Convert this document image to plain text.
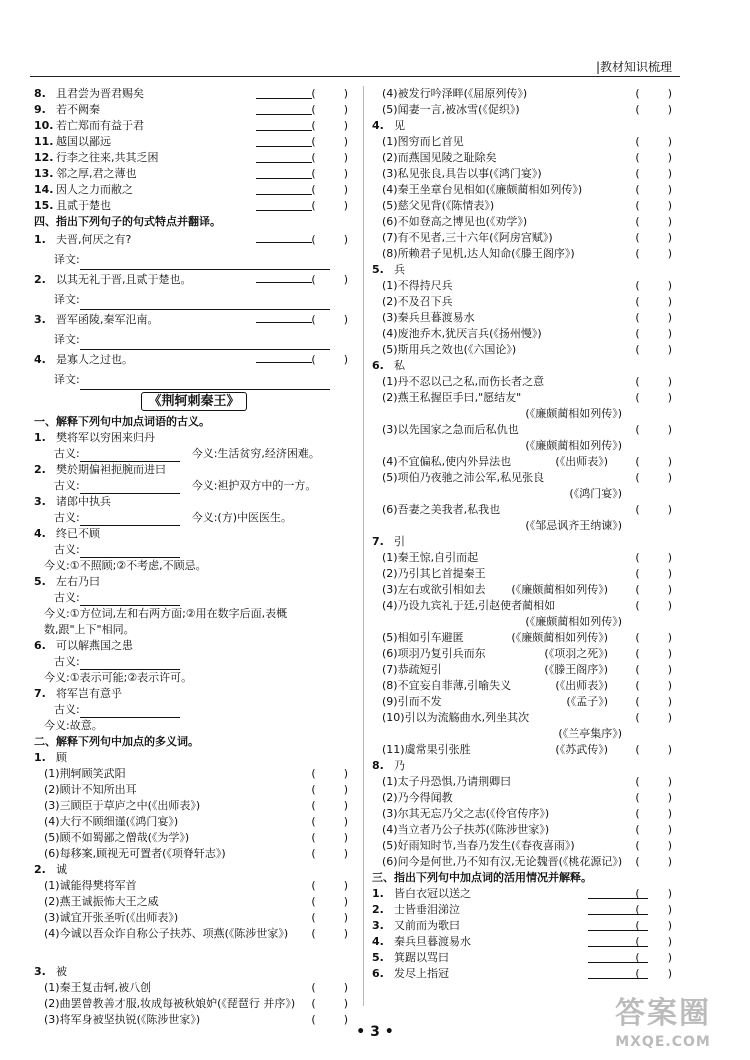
|教材知识梳理
8. 且君尝为晋君赐矣	(　　)
9. 若不阙秦	(　　)
10. 若亡郑而有益于君	(　　)
11. 越国以鄙远	(　　)
12. 行李之往来,共其乏困	(　　)
13. 邻之厚,君之薄也	(　　)
14. 因人之力而敝之	(　　)
15. 且贰于楚也	(　　)
四、指出下列句子的句式特点并翻译。
1. 夫晋,何厌之有?	(　　)
译文:
2. 以其无礼于晋,且贰于楚也。	(　　)
译文:
3. 晋军函陵,秦军氾南。	(　　)
译文:
4. 是寡人之过也。	(　　)
译文:
《荆轲刺秦王》
一、解释下列句中加点词语的古义。
1. 樊将军以穷困来归丹
古义:	今义:生活贫穷,经济困难。
2. 樊於期偏袒扼腕而进曰
古义:	今义:袒护双方中的一方。
3. 诸郎中执兵
古义:	今义:(方)中医医生。
4. 终已不顾
古义:
今义:①不照顾;②不考虑,不顾忌。
5. 左右乃曰
古义:
今义:①方位词,左和右两方面;②用在数字后面,表概
数,跟"上下"相同。
6. 可以解燕国之患
古义:
今义:①表示可能;②表示许可。
7. 将军岂有意乎
古义:
今义:故意。
二、解释下列句中加点的多义词。
1. 顾
(1)荆轲顾笑武阳	(　　)
(2)顾计不知所出耳	(　　)
(3)三顾臣于草庐之中(《出师表》)	(　　)
(4)大行不顾细谨(《鸿门宴》)	(　　)
(5)顾不如蜀鄙之僧哉(《为学》)	(　　)
(6)每移案,顾视无可置者(《项脊轩志》)	(　　)
2. 诚
(1)诚能得樊将军首	(　　)
(2)燕王诚振怖大王之威	(　　)
(3)诚宜开张圣听(《出师表》)	(　　)
(4)今诚以吾众诈自称公子扶苏、项燕(《陈涉世家》) (　　)
3. 被
(1)秦王复击轲,被八创	(　　)
(2)曲罢曾教善才服,妆成每被秋娘妒(《琵琶行 并序》) (　　)
(3)将军身被坚执锐(《陈涉世家》)	(　　)
(4)被发行吟泽畔(《屈原列传》)	(　　)
(5)闻妻一言,被冰雪(《促织》)	(　　)
4. 见
(1)图穷而匕首见	(　　)
(2)而燕国见陵之耻除矣	(　　)
(3)私见张良,具告以事(《鸿门宴》)	(　　)
(4)秦王坐章台见相如(《廉颇蔺相如列传》)	(　　)
(5)慈父见背(《陈情表》)	(　　)
(6)不如登高之博见也(《劝学》)	(　　)
(7)有不见者,三十六年(《阿房宫赋》)	(　　)
(8)所赖君子见机,达人知命(《滕王阁序》)	(　　)
5. 兵
(1)不得持尺兵	(　　)
(2)不及召下兵	(　　)
(3)秦兵旦暮渡易水	(　　)
(4)废池乔木,犹厌言兵(《扬州慢》)	(　　)
(5)斯用兵之效也(《六国论》)	(　　)
6. 私
(1)丹不忍以己之私,而伤长者之意	(　　)
(2)燕王私握臣手曰,"愿结友"	(　　)
(《廉颇蔺相如列传》)
(3)以先国家之急而后私仇也	(　　)
(《廉颇蔺相如列传》)
(4)不宜偏私,使内外异法也	(《出师表》) (　　)
(5)项伯乃夜驰之沛公军,私见张良	(　　)
(《鸿门宴》)
(6)吾妻之美我者,私我也	(　　)
(《邹忌讽齐王纳谏》)
7. 引
(1)秦王惊,自引而起	(　　)
(2)乃引其匕首提秦王	(　　)
(3)左右或欲引相如去 (《廉颇蔺相如列传》) (　　)
(4)乃设九宾礼于廷,引赵使者蔺相如	(　　)
(《廉颇蔺相如列传》)
(5)相如引车避匿	(《廉颇蔺相如列传》) (　　)
(6)项羽乃复引兵而东	(《项羽之死》) (　　)
(7)恭疏短引	(《滕王阁序》) (　　)
(8)不宜妄自菲薄,引喻失义	(《出师表》) (　　)
(9)引而不发	(《孟子》) (　　)
(10)引以为流觞曲水,列坐其次	(　　)
(《兰亭集序》)
(11)虞常果引张胜	(《苏武传》) (　　)
8. 乃
(1)太子丹恐惧,乃请荆卿曰	(　　)
(2)乃今得闻教	(　　)
(3)尔其无忘乃父之志(《伶官传序》)	(　　)
(4)当立者乃公子扶苏(《陈涉世家》)	(　　)
(5)好雨知时节,当春乃发生(《春夜喜雨》)	(　　)
(6)问今是何世,乃不知有汉,无论魏晋(《桃花源记》) (　　)
三、指出下列句中加点词的活用情况并解释。
1. 皆白衣冠以送之	(　　)
2. 士皆垂泪涕泣	(　　)
3. 又前而为歌曰	(　　)
4. 秦兵旦暮渡易水	(　　)
5. 箕踞以骂曰	(　　)
6. 发尽上指冠	(　　)
• 3 •
答案圈
MXQE.COM
